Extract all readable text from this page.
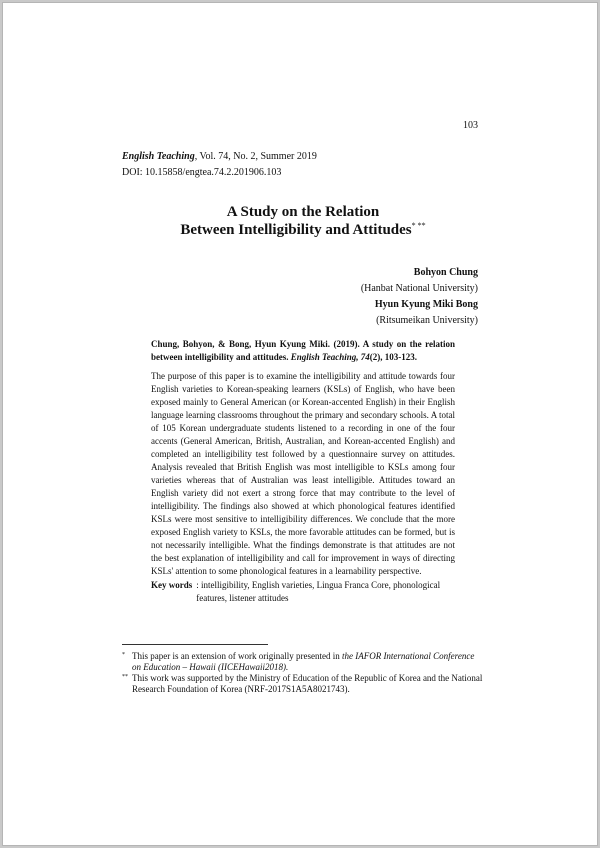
103
English Teaching, Vol. 74, No. 2, Summer 2019
DOI: 10.15858/engtea.74.2.201906.103
A Study on the Relation
Between Intelligibility and Attitudes* **
Bohyon Chung
(Hanbat National University)
Hyun Kyung Miki Bong
(Ritsumeikan University)

Chung, Bohyon, & Bong, Hyun Kyung Miki. (2019). A study on the relation between intelligibility and attitudes. English Teaching, 74(2), 103-123.

The purpose of this paper is to examine the intelligibility and attitude towards four English varieties to Korean-speaking learners (KSLs) of English, who have been exposed mainly to General American (or Korean-accented English) in their English language learning classrooms throughout the primary and secondary schools. A total of 105 Korean undergraduate students listened to a recording in one of the four accents (General American, British, Australian, and Korean-accented English) and completed an intelligibility test followed by a questionnaire survey on attitudes. Analysis revealed that British English was most intelligible to KSLs among four varieties whereas that of Australian was least intelligible. Attitudes toward an English variety did not exert a strong force that may contribute to the level of intelligibility. The findings also showed at which phonological features identified KSLs were most sensitive to intelligibility differences. We conclude that the more exposed English variety to KSLs, the more favorable attitudes can be formed, but is not necessarily intelligible. What the findings demonstrate is that attitudes are not the best explanation of intelligibility and call for improvement in ways of directing KSLs' attention to some phonological features in a learnability perspective.

Key words : intelligibility, English varieties, Lingua Franca Core, phonological features, listener attitudes
* This paper is an extension of work originally presented in the IAFOR International Conference on Education – Hawaii (IICEHawaii2018).
** This work was supported by the Ministry of Education of the Republic of Korea and the National Research Foundation of Korea (NRF-2017S1A5A8021743).
